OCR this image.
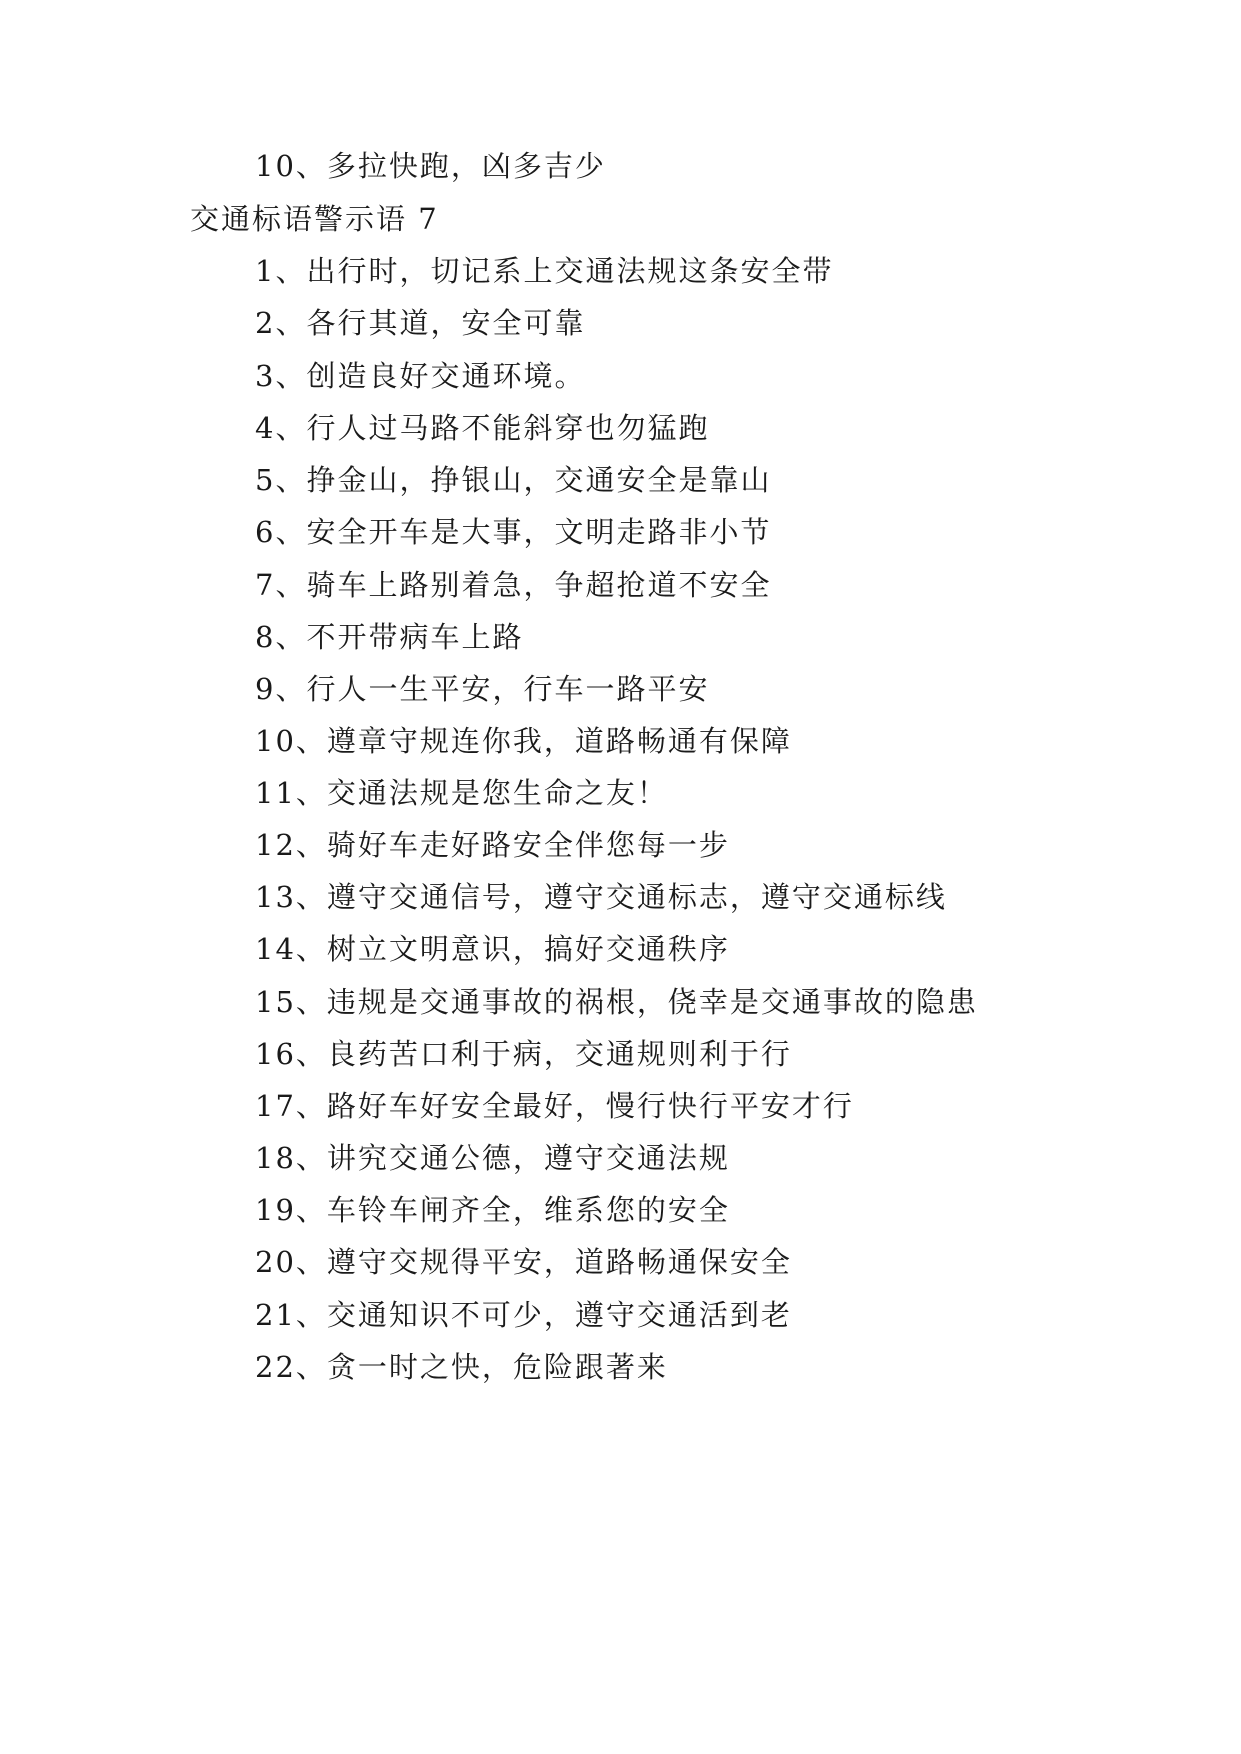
10、多拉快跑，凶多吉少
交通标语警示语 7
1、出行时，切记系上交通法规这条安全带
2、各行其道，安全可靠
3、创造良好交通环境。
4、行人过马路不能斜穿也勿猛跑
5、挣金山，挣银山，交通安全是靠山
6、安全开车是大事，文明走路非小节
7、骑车上路别着急，争超抢道不安全
8、不开带病车上路
9、行人一生平安，行车一路平安
10、遵章守规连你我，道路畅通有保障
11、交通法规是您生命之友！
12、骑好车走好路安全伴您每一步
13、遵守交通信号，遵守交通标志，遵守交通标线
14、树立文明意识，搞好交通秩序
15、违规是交通事故的祸根，侥幸是交通事故的隐患
16、良药苦口利于病，交通规则利于行
17、路好车好安全最好，慢行快行平安才行
18、讲究交通公德，遵守交通法规
19、车铃车闸齐全，维系您的安全
20、遵守交规得平安，道路畅通保安全
21、交通知识不可少，遵守交通活到老
22、贪一时之快，危险跟著来
